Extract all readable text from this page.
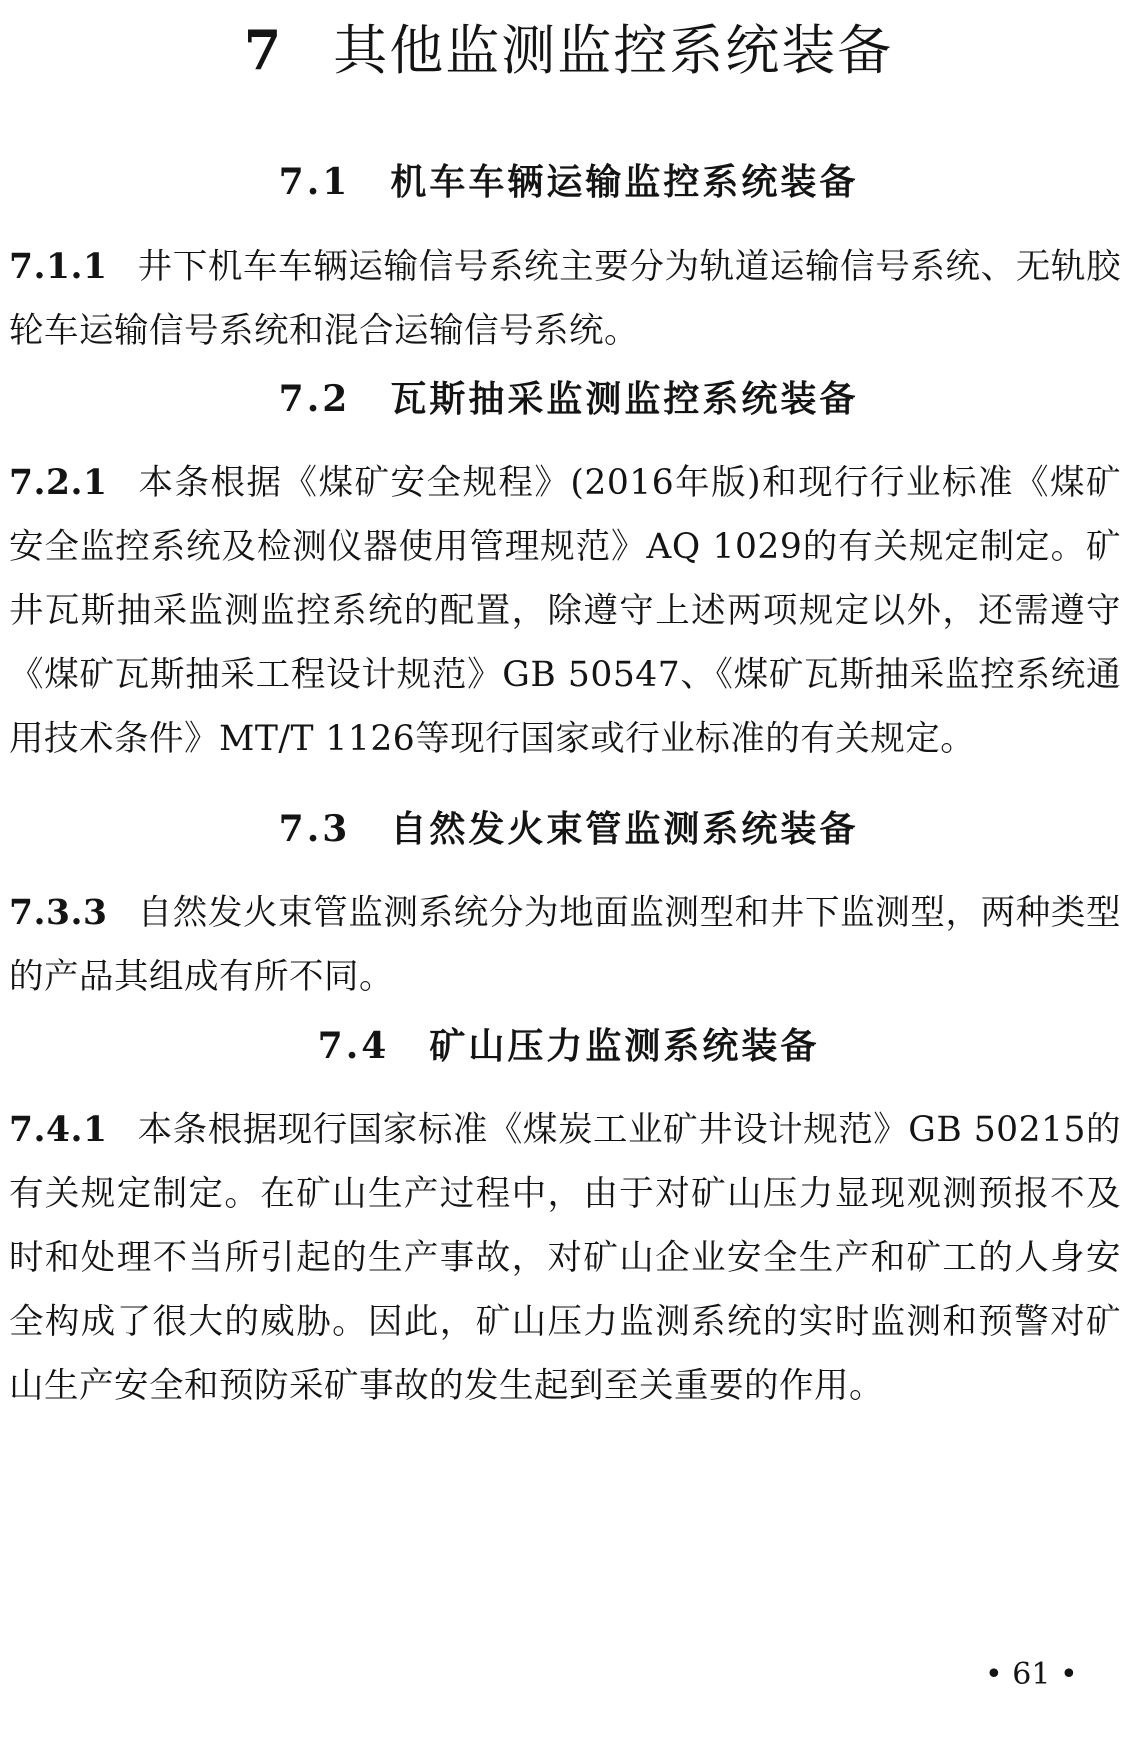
7 其他监测监控系统装备
7.1 机车车辆运输监控系统装备
7.1.1 井下机车车辆运输信号系统主要分为轨道运输信号系统、无轨胶轮车运输信号系统和混合运输信号系统。
7.2 瓦斯抽采监测监控系统装备
7.2.1 本条根据《煤矿安全规程》(2016年版)和现行行业标准《煤矿安全监控系统及检测仪器使用管理规范》AQ 1029的有关规定制定。矿井瓦斯抽采监测监控系统的配置，除遵守上述两项规定以外，还需遵守《煤矿瓦斯抽采工程设计规范》GB 50547、《煤矿瓦斯抽采监控系统通用技术条件》MT/T 1126等现行国家或行业标准的有关规定。
7.3 自然发火束管监测系统装备
7.3.3 自然发火束管监测系统分为地面监测型和井下监测型，两种类型的产品其组成有所不同。
7.4 矿山压力监测系统装备
7.4.1 本条根据现行国家标准《煤炭工业矿井设计规范》GB 50215的有关规定制定。在矿山生产过程中，由于对矿山压力显现观测预报不及时和处理不当所引起的生产事故，对矿山企业安全生产和矿工的人身安全构成了很大的威胁。因此，矿山压力监测系统的实时监测和预警对矿山生产安全和预防采矿事故的发生起到至关重要的作用。
• 61 •
